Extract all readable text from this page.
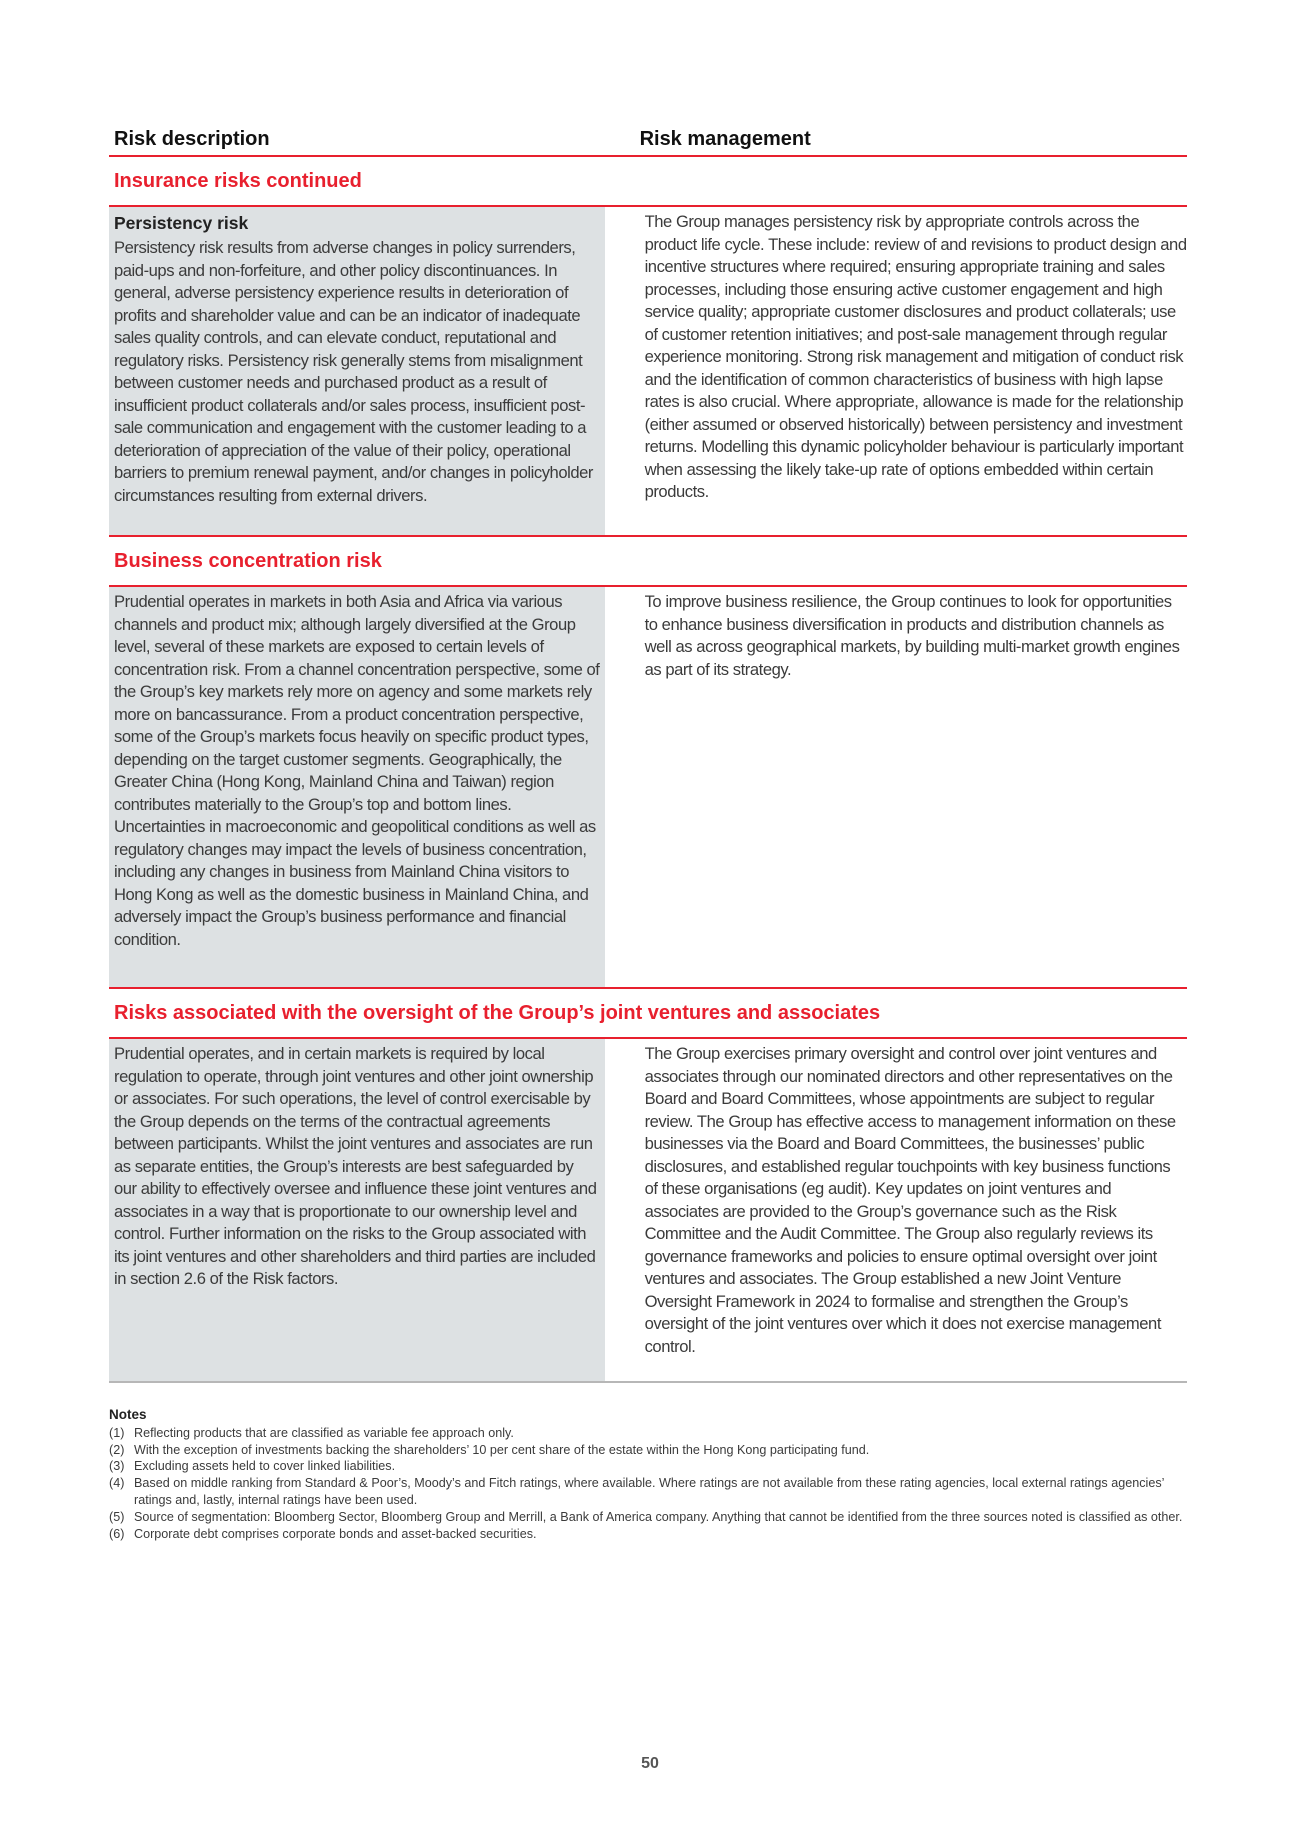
Risk description	Risk management
Insurance risks continued
Persistency risk

Persistency risk results from adverse changes in policy surrenders, paid-ups and non-forfeiture, and other policy discontinuances. In general, adverse persistency experience results in deterioration of profits and shareholder value and can be an indicator of inadequate sales quality controls, and can elevate conduct, reputational and regulatory risks. Persistency risk generally stems from misalignment between customer needs and purchased product as a result of insufficient product collaterals and/or sales process, insufficient post-sale communication and engagement with the customer leading to a deterioration of appreciation of the value of their policy, operational barriers to premium renewal payment, and/or changes in policyholder circumstances resulting from external drivers.

The Group manages persistency risk by appropriate controls across the product life cycle. These include: review of and revisions to product design and incentive structures where required; ensuring appropriate training and sales processes, including those ensuring active customer engagement and high service quality; appropriate customer disclosures and product collaterals; use of customer retention initiatives; and post-sale management through regular experience monitoring. Strong risk management and mitigation of conduct risk and the identification of common characteristics of business with high lapse rates is also crucial. Where appropriate, allowance is made for the relationship (either assumed or observed historically) between persistency and investment returns. Modelling this dynamic policyholder behaviour is particularly important when assessing the likely take-up rate of options embedded within certain products.

Business concentration risk

Prudential operates in markets in both Asia and Africa via various channels and product mix; although largely diversified at the Group level, several of these markets are exposed to certain levels of concentration risk. From a channel concentration perspective, some of the Group’s key markets rely more on agency and some markets rely more on bancassurance. From a product concentration perspective, some of the Group’s markets focus heavily on specific product types, depending on the target customer segments. Geographically, the Greater China (Hong Kong, Mainland China and Taiwan) region contributes materially to the Group’s top and bottom lines. Uncertainties in macroeconomic and geopolitical conditions as well as regulatory changes may impact the levels of business concentration, including any changes in business from Mainland China visitors to Hong Kong as well as the domestic business in Mainland China, and adversely impact the Group’s business performance and financial condition.

To improve business resilience, the Group continues to look for opportunities to enhance business diversification in products and distribution channels as well as across geographical markets, by building multi-market growth engines as part of its strategy.

Risks associated with the oversight of the Group’s joint ventures and associates

Prudential operates, and in certain markets is required by local regulation to operate, through joint ventures and other joint ownership or associates. For such operations, the level of control exercisable by the Group depends on the terms of the contractual agreements between participants. Whilst the joint ventures and associates are run as separate entities, the Group’s interests are best safeguarded by our ability to effectively oversee and influence these joint ventures and associates in a way that is proportionate to our ownership level and control. Further information on the risks to the Group associated with its joint ventures and other shareholders and third parties are included in section 2.6 of the Risk factors.

The Group exercises primary oversight and control over joint ventures and associates through our nominated directors and other representatives on the Board and Board Committees, whose appointments are subject to regular review. The Group has effective access to management information on these businesses via the Board and Board Committees, the businesses’ public disclosures, and established regular touchpoints with key business functions of these organisations (eg audit). Key updates on joint ventures and associates are provided to the Group’s governance such as the Risk Committee and the Audit Committee. The Group also regularly reviews its governance frameworks and policies to ensure optimal oversight over joint ventures and associates. The Group established a new Joint Venture Oversight Framework in 2024 to formalise and strengthen the Group’s oversight of the joint ventures over which it does not exercise management control.

Notes
(1) Reflecting products that are classified as variable fee approach only.
(2) With the exception of investments backing the shareholders’ 10 per cent share of the estate within the Hong Kong participating fund.
(3) Excluding assets held to cover linked liabilities.
(4) Based on middle ranking from Standard & Poor’s, Moody’s and Fitch ratings, where available. Where ratings are not available from these rating agencies, local external ratings agencies’ ratings and, lastly, internal ratings have been used.
(5) Source of segmentation: Bloomberg Sector, Bloomberg Group and Merrill, a Bank of America company. Anything that cannot be identified from the three sources noted is classified as other.
(6) Corporate debt comprises corporate bonds and asset-backed securities.
50
